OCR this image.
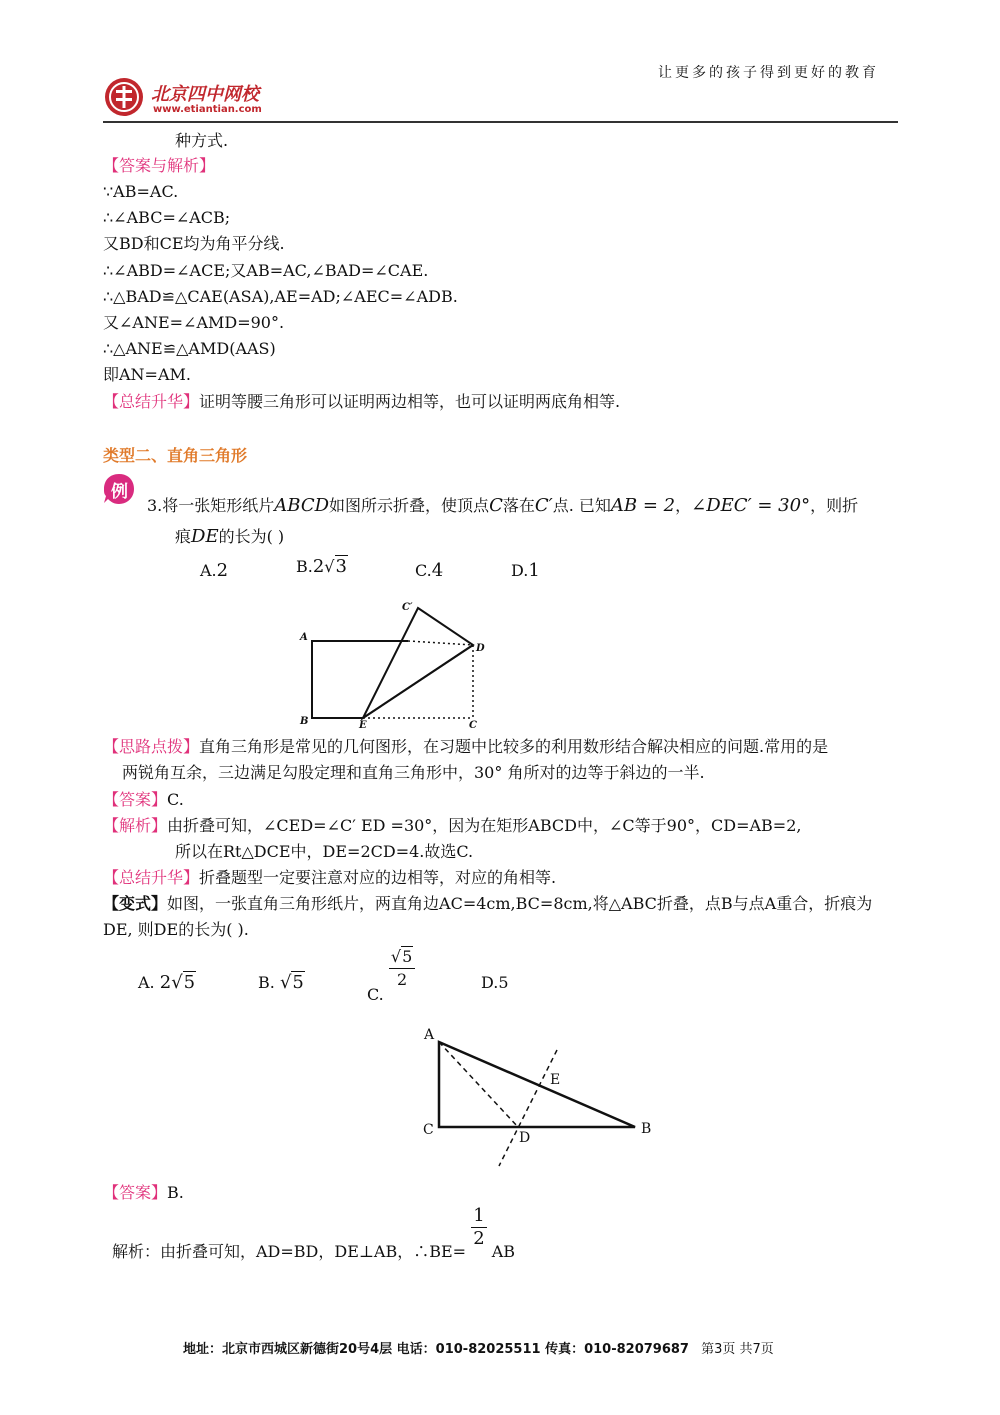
让更多的孩子得到更好的教育
北京四中网校
www.etiantian.com
种方式.
【答案与解析】
∵AB=AC.
∴∠ABC=∠ACB;
又BD和CE均为角平分线.
∴∠ABD=∠ACE;又AB=AC,∠BAD=∠CAE.
∴△BAD≌△CAE(ASA),AE=AD;∠AEC=∠ADB.
又∠ANE=∠AMD=90°.
∴△ANE≌△AMD(AAS)
即AN=AM.
【总结升华】证明等腰三角形可以证明两边相等，也可以证明两底角相等.
类型二、直角三角形
例
3.将一张矩形纸片ABCD如图所示折叠，使顶点C落在C′点. 已知AB = 2，∠DEC′ = 30°，则折
痕DE的长为( )
A.2	B.2√3	C.4	D.1
A
B	E	C
D
C′
【思路点拨】直角三角形是常见的几何图形，在习题中比较多的利用数形结合解决相应的问题.常用的是
两锐角互余，三边满足勾股定理和直角三角形中，30° 角所对的边等于斜边的一半.
【答案】C.
【解析】由折叠可知，∠CED=∠C′ ED =30°，因为在矩形ABCD中，∠C等于90°，CD=AB=2,
所以在Rt△DCE中，DE=2CD=4.故选C.
【总结升华】折叠题型一定要注意对应的边相等，对应的角相等.
【变式】如图，一张直角三角形纸片，两直角边AC=4cm,BC=8cm,将△ABC折叠，点B与点A重合，折痕为
DE, 则DE的长为( ).
A. 2√5	B. √5
C.
$\frac{√5}{2}$	D.5
A
C	B
D
E
【答案】B.
解析：由折叠可知，AD=BD，DE⊥AB，∴BE=
$\frac{1}{2}$
AB
地址：北京市西城区新德街20号4层 电话：010-82025511 传真：010-82079687 第3页 共7页
